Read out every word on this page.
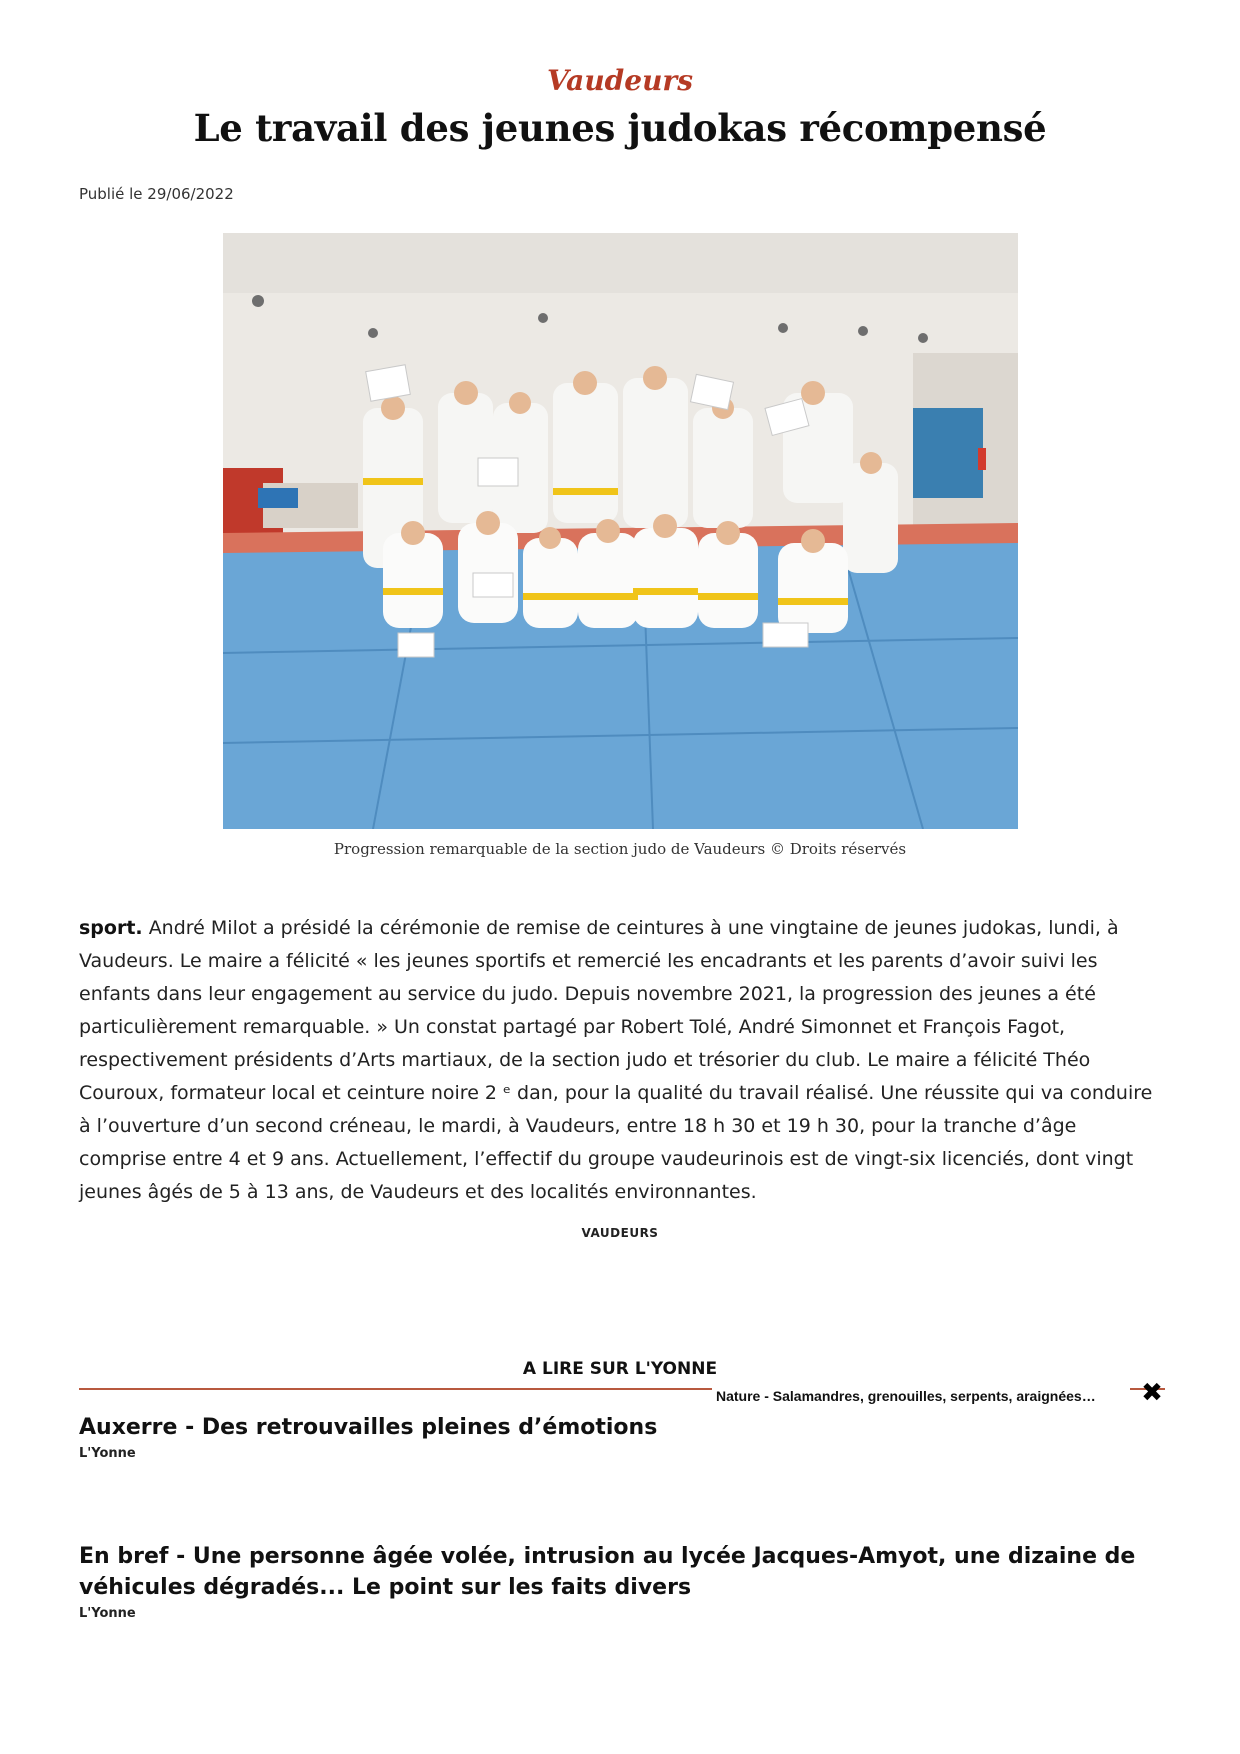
Vaudeurs
Le travail des jeunes judokas récompensé
Publié le 29/06/2022
Progression remarquable de la section judo de Vaudeurs © Droits réservés

sport. André Milot a présidé la cérémonie de remise de ceintures à une vingtaine de jeunes judokas, lundi, à Vaudeurs. Le maire a félicité « les jeunes sportifs et remercié les encadrants et les parents d’avoir suivi les enfants dans leur engagement au service du judo. Depuis novembre 2021, la progression des jeunes a été particulièrement remarquable. » Un constat partagé par Robert Tolé, André Simonnet et François Fagot, respectivement présidents d’Arts martiaux, de la section judo et trésorier du club. Le maire a félicité Théo Couroux, formateur local et ceinture noire 2 ᵉ dan, pour la qualité du travail réalisé. Une réussite qui va conduire à l’ouverture d’un second créneau, le mardi, à Vaudeurs, entre 18 h 30 et 19 h 30, pour la tranche d’âge comprise entre 4 et 9 ans. Actuellement, l’effectif du groupe vaudeurinois est de vingt-six licenciés, dont vingt jeunes âgés de 5 à 13 ans, de Vaudeurs et des localités environnantes.

VAUDEURS
A LIRE SUR L'YONNE
Nature - Salamandres, grenouilles, serpents, araignées…	✖
Auxerre - Des retrouvailles pleines d’émotions
L'Yonne
En bref - Une personne âgée volée, intrusion au lycée Jacques-Amyot, une dizaine de véhicules dégradés... Le point sur les faits divers
L'Yonne
